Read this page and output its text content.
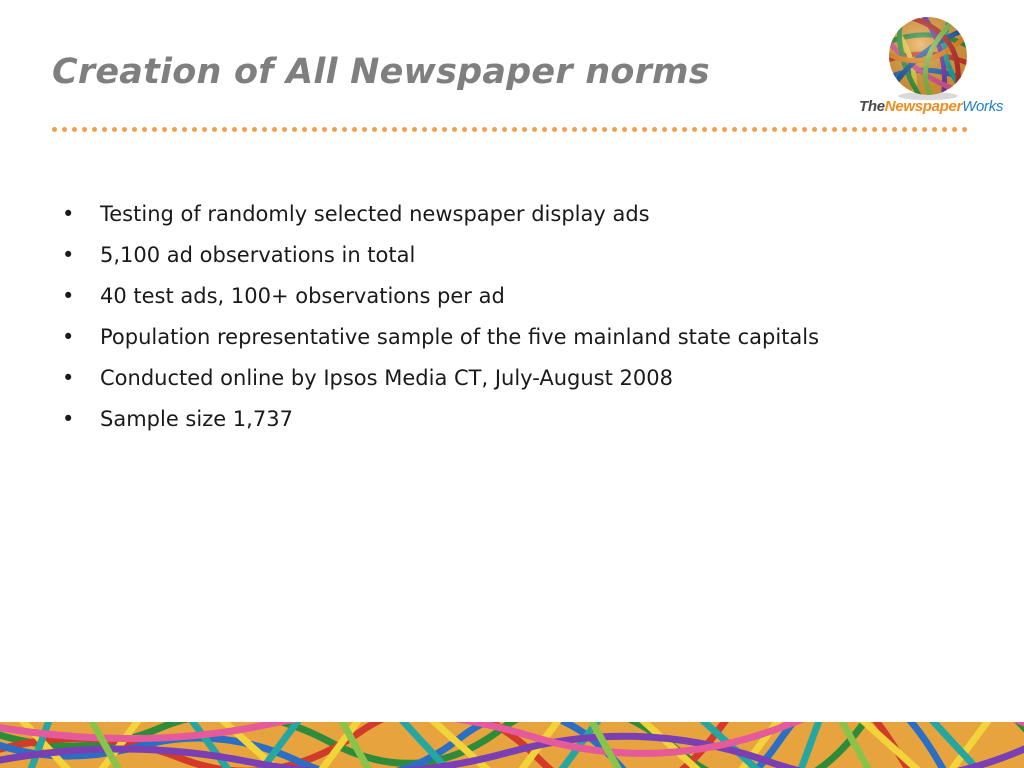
Creation of All Newspaper norms
TheNewspaperWorks
• Testing of randomly selected newspaper display ads
• 5,100 ad observations in total
• 40 test ads, 100+ observations per ad
• Population representative sample of the five mainland state capitals
• Conducted online by Ipsos Media CT, July-August 2008
• Sample size 1,737
